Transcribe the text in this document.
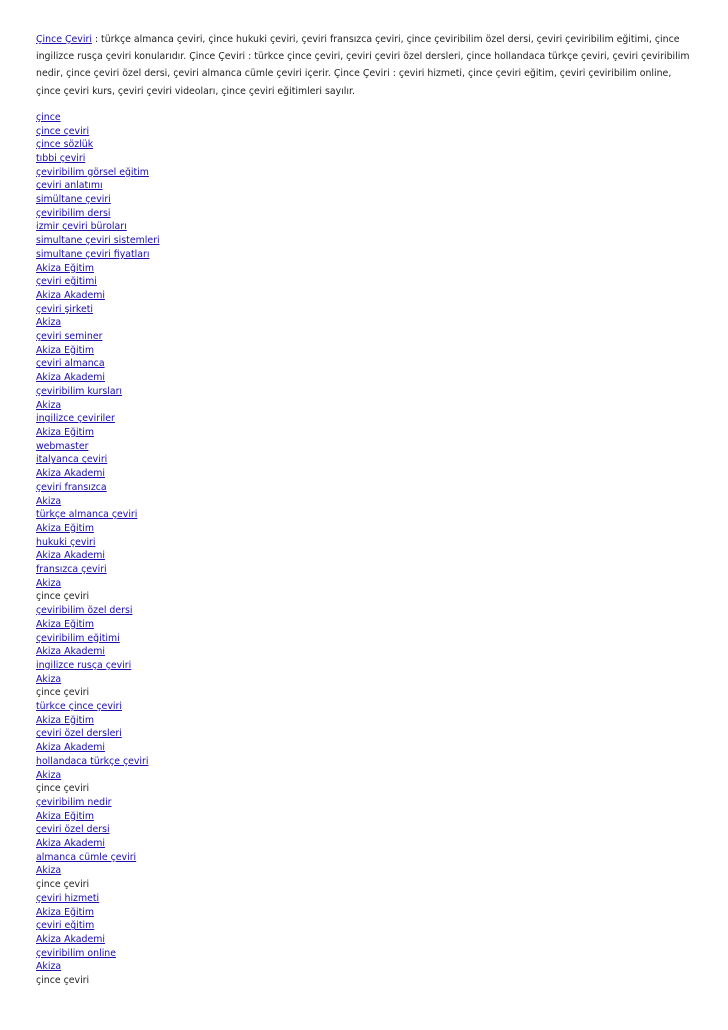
Çince Çeviri : türkçe almanca çeviri, çince hukuki çeviri, çeviri fransızca çeviri, çince çeviribilim özel dersi, çeviri çeviribilim eğitimi, çince ingilizce rusça çeviri konularıdır. Çince Çeviri : türkce çince çeviri, çeviri çeviri özel dersleri, çince hollandaca türkçe çeviri, çeviri çeviribilim nedir, çince çeviri özel dersi, çeviri almanca cümle çeviri içerir. Çince Çeviri : çeviri hizmeti, çince çeviri eğitim, çeviri çeviribilim online, çince çeviri kurs, çeviri çeviri videoları, çince çeviri eğitimleri sayılır.

çince
çince çeviri
çince sözlük
tıbbi çeviri
çeviribilim görsel eğitim
çeviri anlatımı
simültane çeviri
çeviribilim dersi
izmir çeviri büroları
simultane çeviri sistemleri
simultane çeviri fiyatları
Akiza Eğitim
çeviri eğitimi
Akiza Akademi
çeviri şirketi
Akiza
çeviri seminer
Akiza Eğitim
çeviri almanca
Akiza Akademi
çeviribilim kursları
Akiza
ingilizce çeviriler
Akiza Eğitim
webmaster
italyanca çeviri
Akiza Akademi
çeviri fransızca
Akiza
türkçe almanca çeviri
Akiza Eğitim
hukuki çeviri
Akiza Akademi
fransızca çeviri
Akiza
çince çeviri
çeviribilim özel dersi
Akiza Eğitim
çeviribilim eğitimi
Akiza Akademi
ingilizce rusça çeviri
Akiza
çince çeviri
türkce çince çeviri
Akiza Eğitim
çeviri özel dersleri
Akiza Akademi
hollandaca türkçe çeviri
Akiza
çince çeviri
çeviribilim nedir
Akiza Eğitim
çeviri özel dersi
Akiza Akademi
almanca cümle çeviri
Akiza
çince çeviri
çeviri hizmeti
Akiza Eğitim
çeviri eğitim
Akiza Akademi
çeviribilim online
Akiza
çince çeviri
